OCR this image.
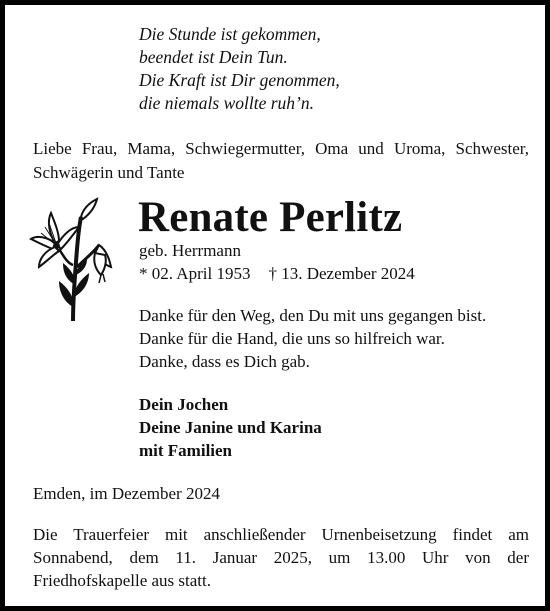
Die Stunde ist gekommen,
beendet ist Dein Tun.
Die Kraft ist Dir genommen,
die niemals wollte ruh’n.
Liebe Frau, Mama, Schwiegermutter, Oma und Uroma, Schwester, Schwägerin und Tante
Renate Perlitz
geb. Herrmann
* 02. April 1953 † 13. Dezember 2024
Danke für den Weg, den Du mit uns gegangen bist.
Danke für die Hand, die uns so hilfreich war.
Danke, dass es Dich gab.
Dein Jochen
Deine Janine und Karina
mit Familien
Emden, im Dezember 2024
Die Trauerfeier mit anschließender Urnenbeisetzung findet am Sonnabend, dem 11. Januar 2025, um 13.00 Uhr von der Friedhofskapelle aus statt.
